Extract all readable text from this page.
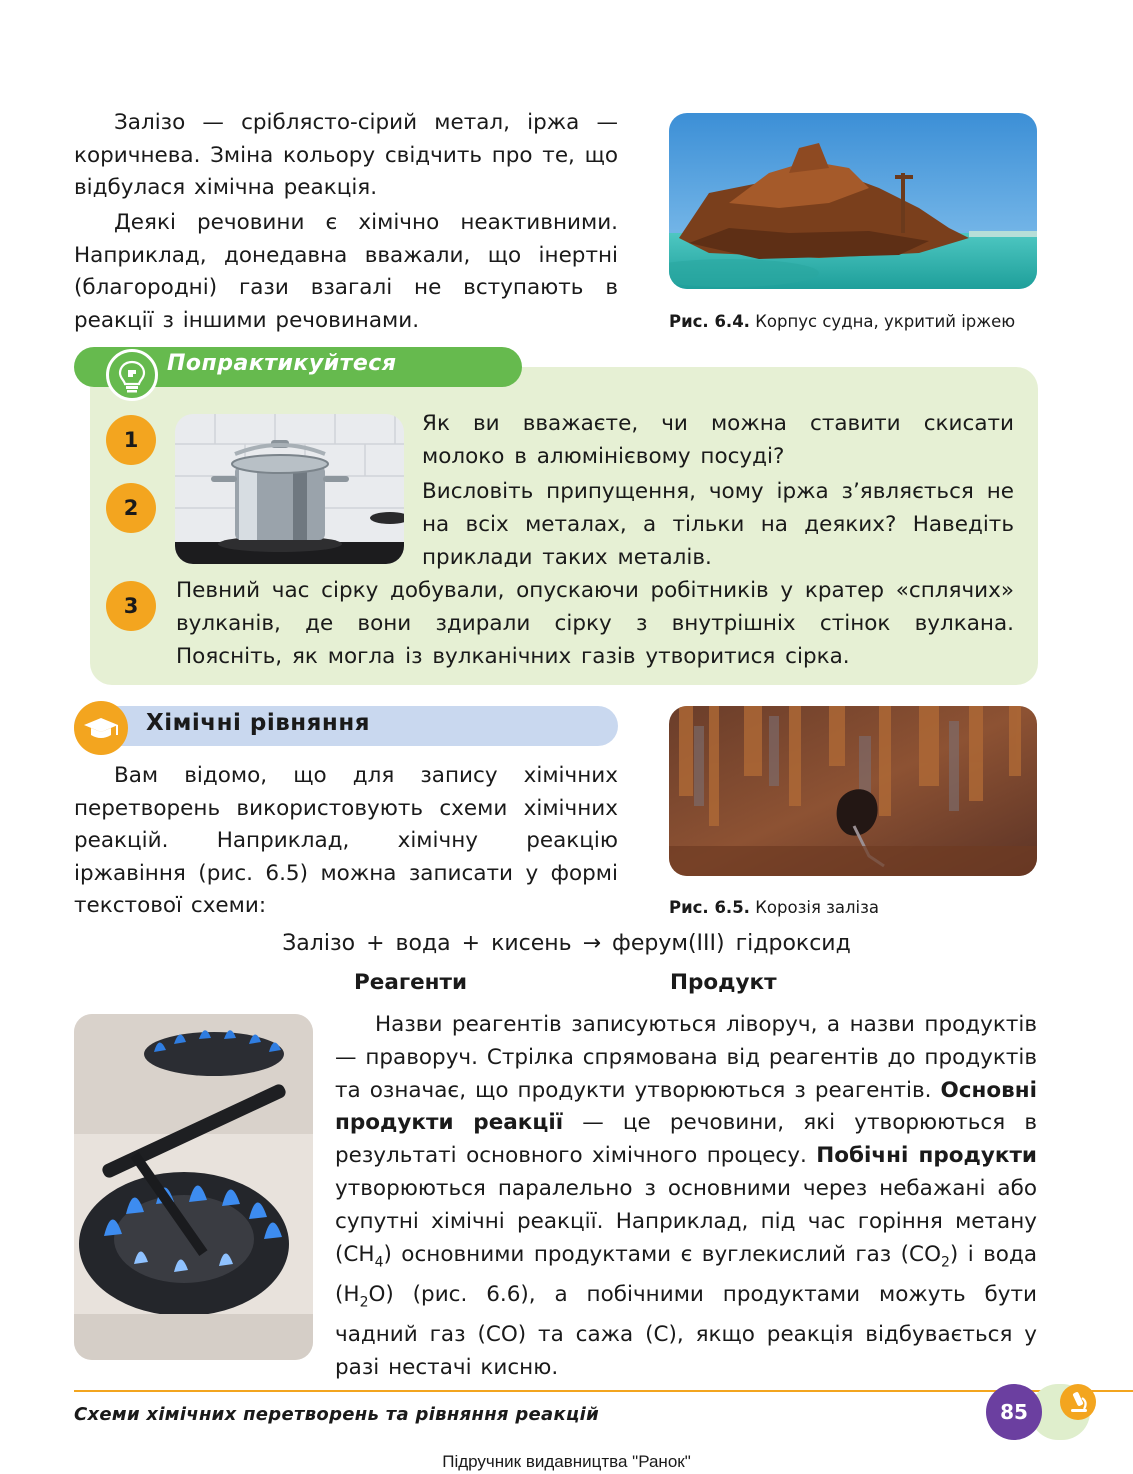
Залізо — сріблясто-сірий метал, іржа — коричнева. Зміна кольору свідчить про те, що відбулася хімічна реакція.
Деякі речовини є хімічно неактивними. Наприклад, донедавна вважали, що інертні (благородні) гази взагалі не вступають в реакції з іншими речовинами.	Рис. 6.4. Корпус судна, укритий іржею
Попрактикуйтеся
1
2
3
Як ви вважаєте, чи можна ставити скисати молоко в алюмінієвому посуді?
Висловіть припущення, чому іржа з’являється не на всіх металах, а тільки на деяких? Наведіть приклади таких металів.
Певний час сірку добували, опускаючи робітників у кратер «сплячих» вулканів, де вони здирали сірку з внутрішніх стінок вулкана. Поясніть, як могла із вулканічних газів утворитися сірка.
Хімічні рівняння
Вам відомо, що для запису хімічних перетворень використовують схеми хімічних реакцій. Наприклад, хімічну реакцію іржавіння (рис. 6.5) можна записати у формі текстової схеми:	Рис. 6.5. Корозія заліза
Залізо + вода + кисень → ферум(III) гідроксид
Реагенти	Продукт
Назви реагентів записуються ліворуч, а назви продуктів — праворуч. Стрілка спрямована від реагентів до продуктів та означає, що продукти утворюються з реагентів. Основні продукти реакції — це речовини, які утворюються в результаті основного хімічного процесу. Побічні продукти утворюються паралельно з основними через небажані або супутні хімічні реакції. Наприклад, під час горіння метану $(CH_4)$ основними продуктами є вуглекислий газ $(CO_2)$ і вода $(H_2O)$ (рис. 6.6), а побічними продуктами можуть бути чадний газ (CO) та сажа (C), якщо реакція відбувається у разі нестачі кисню.
Схеми хімічних перетворень та рівняння реакцій	85
Підручник видавництва "Ранок"
